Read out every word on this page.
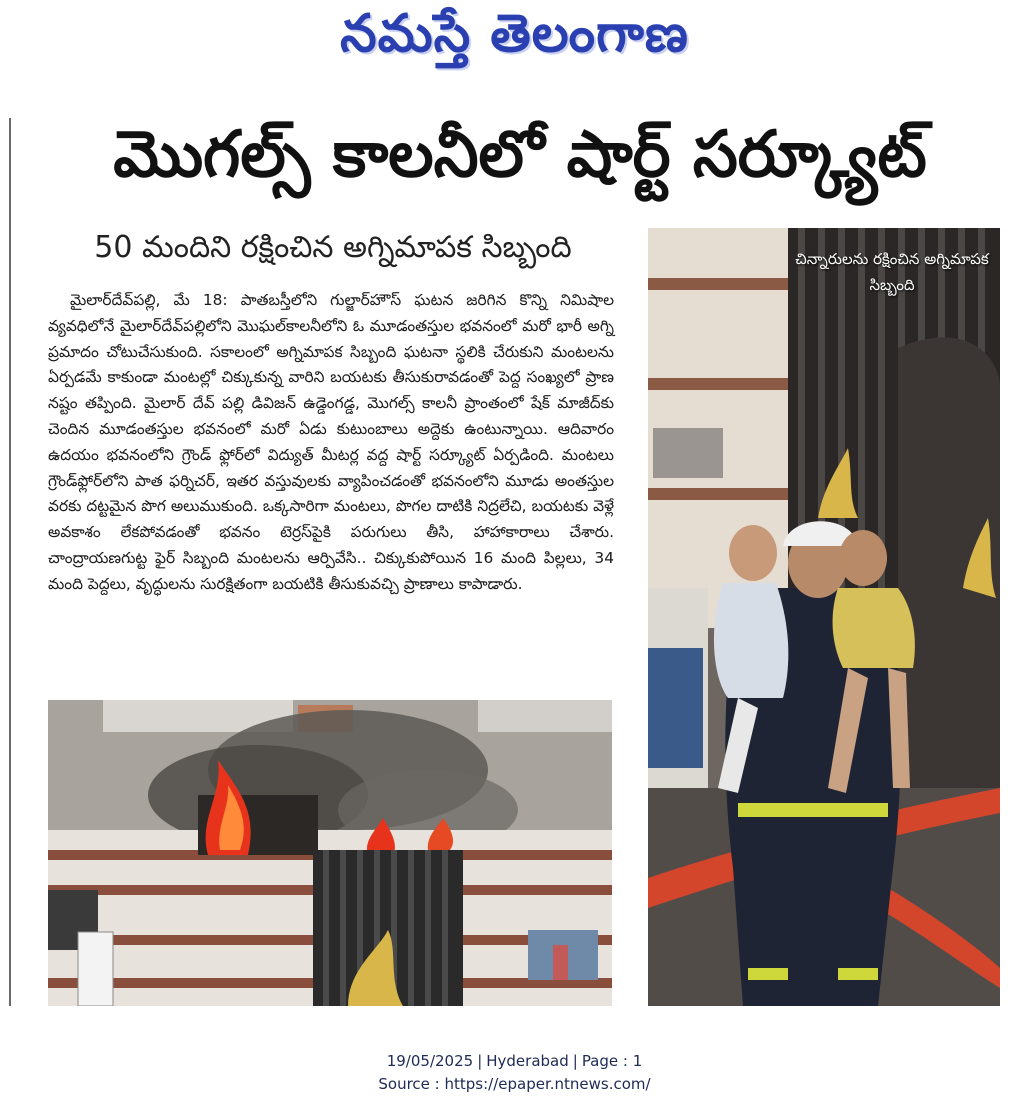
నమస్తే తెలంగాణ
మొగల్స్ కాలనీలో షార్ట్ సర్క్యూట్
50 మందిని రక్షించిన అగ్నిమాపక సిబ్బంది

మైలార్‌దేవ్‌పల్లి, మే 18: పాతబస్తీలోని గుల్జార్‌హౌస్ ఘటన జరిగిన కొన్ని నిమిషాల వ్యవధిలోనే మైలార్‌దేవ్‌పల్లిలోని మొఘల్‌కాలనీలోని ఓ మూడంతస్తుల భవనంలో మరో భారీ అగ్ని ప్రమాదం చోటుచేసుకుంది. సకాలంలో అగ్నిమాపక సిబ్బంది ఘటనా స్థలికి చేరుకుని మంటలను ఏర్పడమే కాకుండా మంటల్లో చిక్కుకున్న వారిని బయటకు తీసుకురావడంతో పెద్ద సంఖ్యలో ప్రాణ నష్టం తప్పింది. మైలార్ దేవ్ పల్లి డివిజన్ ఉడ్డెంగడ్డ, మొగల్స్ కాలనీ ప్రాంతంలో షేక్ మాజీద్‌కు చెందిన మూడంతస్తుల భవనంలో మరో ఏడు కుటుంబాలు అద్దెకు ఉంటున్నాయి. ఆదివారం ఉదయం భవనంలోని గ్రౌండ్ ఫ్లోర్‌లో విద్యుత్ మీటర్ల వద్ద షార్ట్ సర్క్యూట్ ఏర్పడింది. మంటలు గ్రౌండ్‌ఫ్లోర్‌లోని పాత ఫర్నిచర్, ఇతర వస్తువులకు వ్యాపించడంతో భవనంలోని మూడు అంతస్తుల వరకు దట్టమైన పొగ అలుముకుంది. ఒక్కసారిగా మంటలు, పొగల దాటికి నిద్రలేచి, బయటకు వెళ్లే అవకాశం లేకపోవడంతో భవనం టెర్రస్‌పైకి పరుగులు తీసి, హాహాకారాలు చేశారు. చాంద్రాయణగుట్ట ఫైర్ సిబ్బంది మంటలను ఆర్పివేసి.. చిక్కుకుపోయిన 16 మంది పిల్లలు, 34 మంది పెద్దలు, వృద్ధులను సురక్షితంగా బయటికి తీసుకువచ్చి ప్రాణాలు కాపాడారు.

చిన్నారులను రక్షించిన అగ్నిమాపక సిబ్బంది
19/05/2025 | Hyderabad | Page : 1
Source : https://epaper.ntnews.com/
